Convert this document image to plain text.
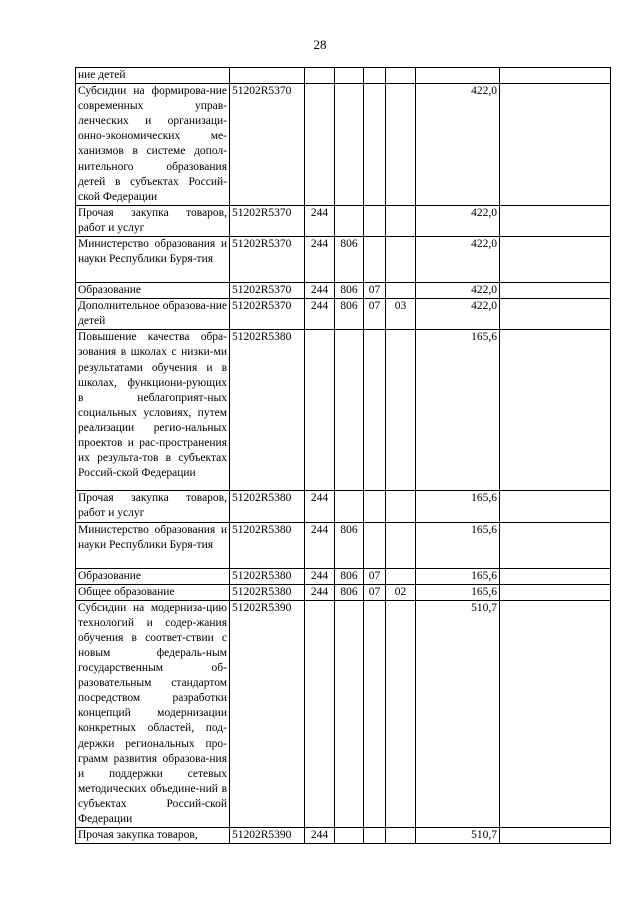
28
ние детей							
Субсидии на формирова-ние современных управ-ленческих и организаци-онно-экономических ме-ханизмов в системе допол-нительного образования детей в субъектах Россий-ской Федерации	51202R5370					422,0	
Прочая закупка товаров, работ и услуг	51202R5370	244				422,0	
Министерство образования и науки Республики Буря-тия	51202R5370	244	806			422,0	
Образование	51202R5370	244	806	07		422,0	
Дополнительное образова-ние детей	51202R5370	244	806	07	03	422,0	
Повышение качества обра-зования в школах с низки-ми результатами обучения и в школах, функциони-рующих в неблагоприят-ных социальных условиях, путем реализации регио-нальных проектов и рас-пространения их результа-тов в субъектах Россий-ской Федерации	51202R5380					165,6	
Прочая закупка товаров, работ и услуг	51202R5380	244				165,6	
Министерство образования и науки Республики Буря-тия	51202R5380	244	806			165,6	
Образование	51202R5380	244	806	07		165,6	
Общее образование	51202R5380	244	806	07	02	165,6	
Субсидии на модерниза-цию технологий и содер-жания обучения в соответ-ствии с новым федераль-ным государственным об-разовательным стандартом посредством разработки концепций модернизации конкретных областей, под-держки региональных про-грамм развития образова-ния и поддержки сетевых методических объедине-ний в субъектах Россий-ской Федерации	51202R5390					510,7	
Прочая закупка товаров,	51202R5390	244				510,7	
